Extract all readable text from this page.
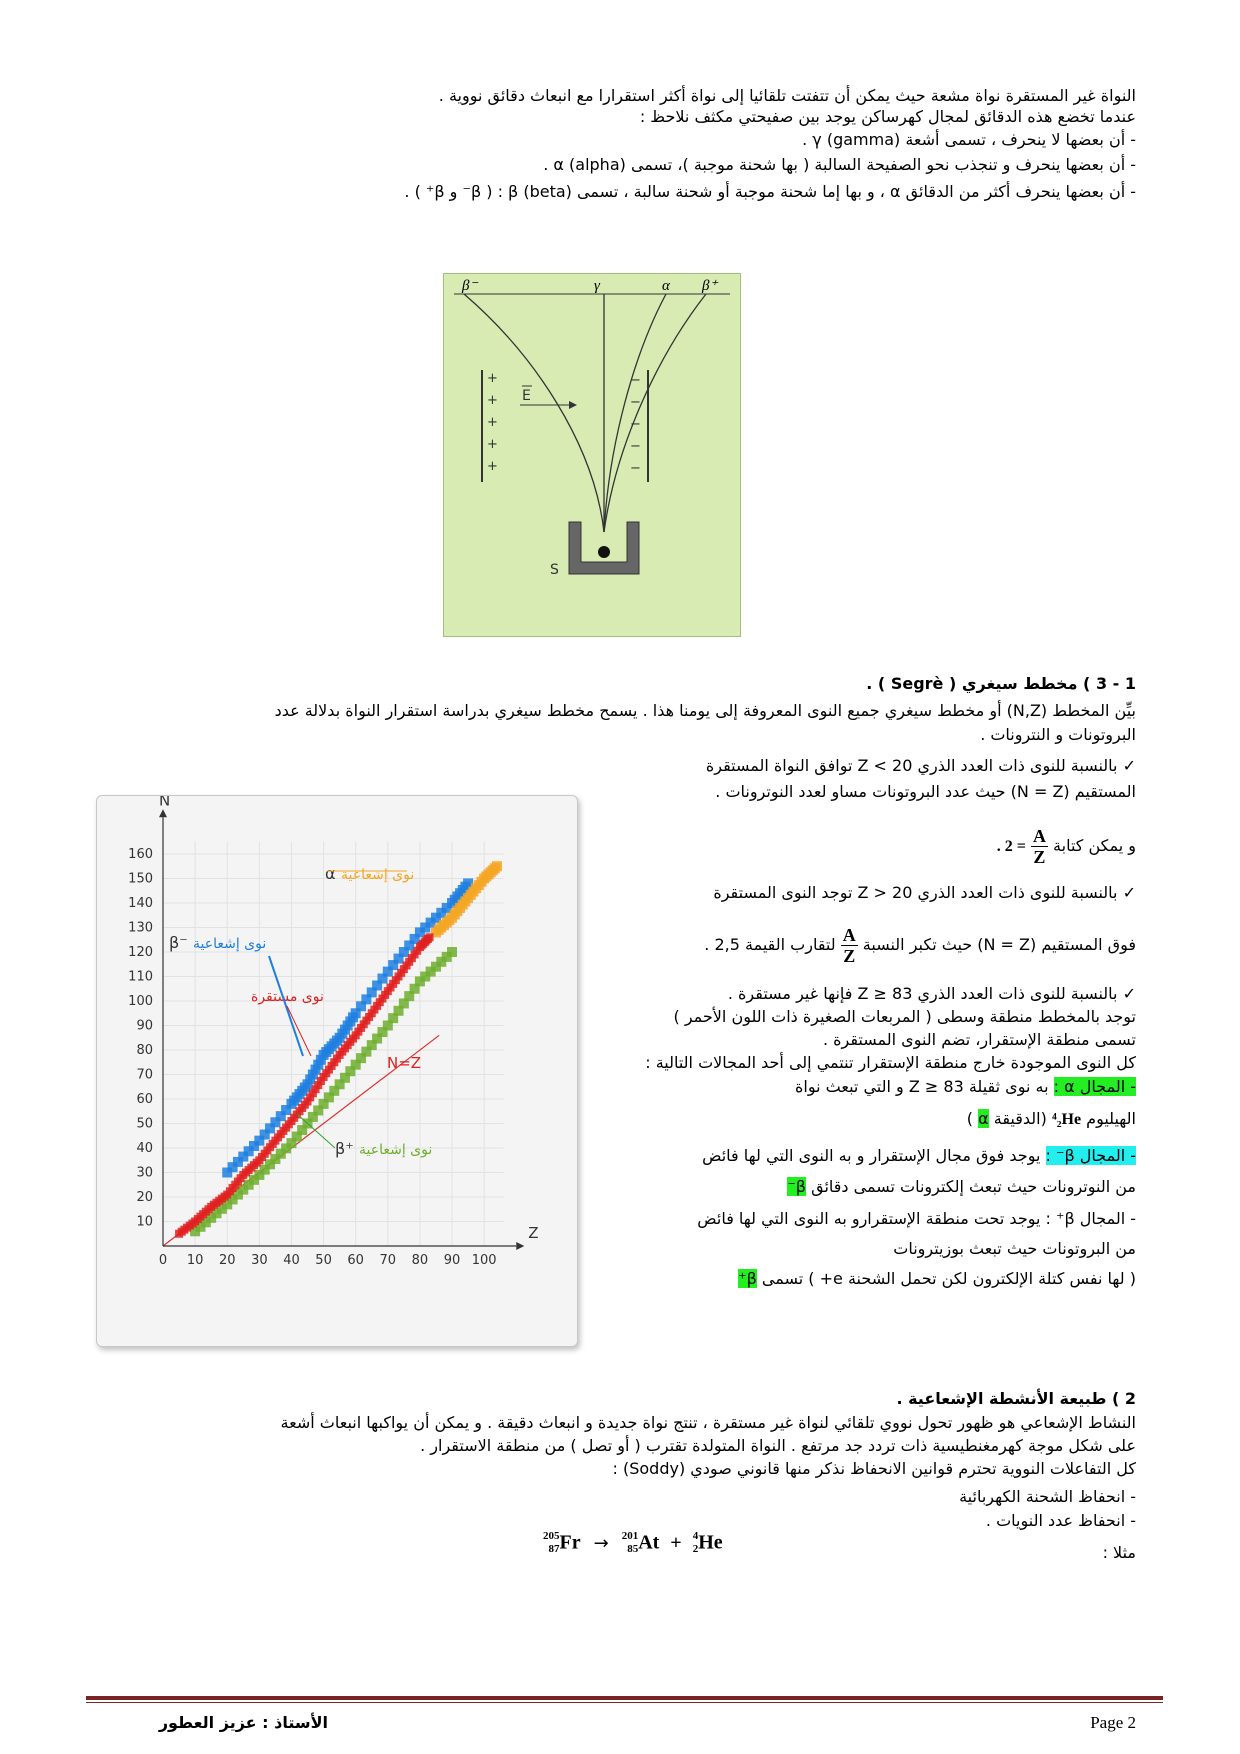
النواة غير المستقرة نواة مشعة حيث يمكن أن تتفتت تلقائيا إلى نواة أكثر استقرارا مع انبعاث دقائق نووية .
عندما تخضع هذه الدقائق لمجال كهرساكن يوجد بين صفيحتي مكثف نلاحظ :
- أن بعضها لا ينحرف ، تسمى أشعة γ (gamma) .
- أن بعضها ينحرف و تنجذب نحو الصفيحة السالبة ( بها شحنة موجبة )، تسمى α (alpha) .
- أن بعضها ينحرف أكثر من الدقائق α ، و بها إما شحنة موجبة أو شحنة سالبة ، تسمى β (beta) : ( β⁻ و β⁺ ) .
β⁻	γ	α β⁺
+
+
+
+
+
−
−
−
−
−
E
S
1 - 3 ) مخطط سيغري ( Segrè ) .
بيِّن المخطط (N,Z) أو مخطط سيغري جميع النوى المعروفة إلى يومنا هذا . يسمح مخطط سيغري بدراسة استقرار النواة بدلالة عدد
البروتونات و النترونات .
✓ بالنسبة للنوى ذات العدد الذري Z < 20 توافق النواة المستقرة
المستقيم (N = Z) حيث عدد البروتونات مساو لعدد النوترونات .
و يمكن كتابة
$\frac{A}{Z}$
= 2 .
✓ بالنسبة للنوى ذات العدد الذري Z > 20 توجد النوى المستقرة
فوق المستقيم (N = Z) حيث تكبر النسبة
$\frac{A}{Z}$
لتقارب القيمة 2,5 .
✓ بالنسبة للنوى ذات العدد الذري Z ≥ 83 فإنها غير مستقرة .
توجد بالمخطط منطقة وسطى ( المربعات الصغيرة ذات اللون الأحمر )
تسمى منطقة الإستقرار، تضم النوى المستقرة .
كل النوى الموجودة خارج منطقة الإستقرار تنتمي إلى أحد المجالات التالية :
- المجال α : به نوى ثقيلة Z ≥ 83 و التي تبعث نواة
الهيليوم ⁴₂He (الدقيقة α )
- المجال β⁻ : يوجد فوق مجال الإستقرار و به النوى التي لها فائض
من النوترونات حيث تبعث إلكترونات تسمى دقائق β⁻
- المجال β⁺ : يوجد تحت منطقة الإستقرارو به النوى التي لها فائض
من البروتونات حيث تبعث بوزيترونات
( لها نفس كتلة الإلكترون لكن تحمل الشحنة e+ ) تسمى β⁺
0 10 20 30 40 50 60 70 80 90 100
10
20
30
40
50
60
70
80
90
100
110
120
130
140
150
160
Z
N
α نوى إشعاعية
β⁻ نوى إشعاعية
نوى مستقرة
N=Z
β⁺ نوى إشعاعية
2 ) طبيعة الأنشطة الإشعاعية .
النشاط الإشعاعي هو ظهور تحول نووي تلقائي لنواة غير مستقرة ، تنتج نواة جديدة و انبعاث دقيقة . و يمكن أن يواكبها انبعاث أشعة
على شكل موجة كهرمغنطيسية ذات تردد جد مرتفع . النواة المتولدة تقترب ( أو تصل ) من منطقة الاستقرار .
كل التفاعلات النووية تحترم قوانين الانحفاظ نذكر منها قانوني صودي (Soddy) :
- انحفاظ الشحنة الكهربائية
- انحفاظ عدد النويات .
مثلا :
205
87 Fr → 201
85 At + 4
2 He
الأستاذ : عزيز العطور	Page 2
